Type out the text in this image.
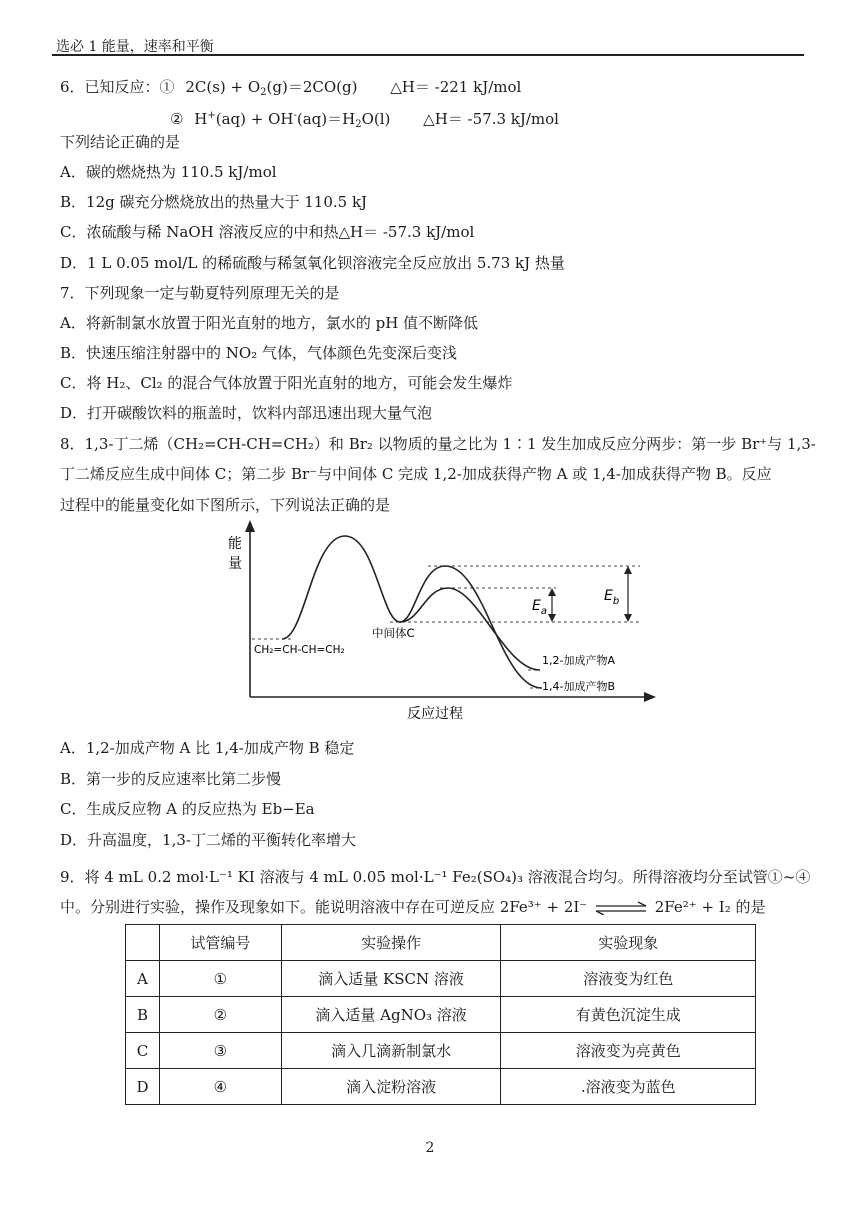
选必 1 能量，速率和平衡
6．已知反应：① $2C(s) + O_2(g)=2CO(g)$ △H＝ -221 kJ/mol
② $H^+(aq) + OH^-(aq)=H_2O(l)$ △H＝ -57.3 kJ/mol
下列结论正确的是
A．碳的燃烧热为 110.5 kJ/mol
B．12g 碳充分燃烧放出的热量大于 110.5 kJ
C．浓硫酸与稀 NaOH 溶液反应的中和热△H＝ -57.3 kJ/mol
D．1 L 0.05 mol/L 的稀硫酸与稀氢氧化钡溶液完全反应放出 5.73 kJ 热量
7．下列现象一定与勒夏特列原理无关的是
A．将新制氯水放置于阳光直射的地方，氯水的 pH 值不断降低
B．快速压缩注射器中的 NO₂ 气体，气体颜色先变深后变浅
C．将 H₂、Cl₂ 的混合气体放置于阳光直射的地方，可能会发生爆炸
D．打开碳酸饮料的瓶盖时，饮料内部迅速出现大量气泡
8．1,3-丁二烯（CH₂=CH-CH=CH₂）和 Br₂ 以物质的量之比为 1∶1 发生加成反应分两步：第一步 Br⁺与 1,3-
丁二烯反应生成中间体 C；第二步 Br⁻与中间体 C 完成 1,2-加成获得产物 A 或 1,4-加成获得产物 B。反应
过程中的能量变化如下图所示，下列说法正确的是
能
量
反应过程
CH₂=CH-CH=CH₂
中间体C
1,2-加成产物A
1,4-加成产物B
$E_a$
$E_b$
A．1,2-加成产物 A 比 1,4-加成产物 B 稳定
B．第一步的反应速率比第二步慢
C．生成反应物 A 的反应热为 Eb−Ea
D．升高温度，1,3-丁二烯的平衡转化率增大
9．将 4 mL 0.2 mol·L⁻¹ KI 溶液与 4 mL 0.05 mol·L⁻¹ Fe₂(SO₄)₃ 溶液混合均匀。所得溶液均分至试管①~④
中。分别进行实验，操作及现象如下。能说明溶液中存在可逆反应 2Fe³⁺ + 2I⁻ ⇌ 2Fe²⁺ + I₂ 的是
	试管编号	实验操作	实验现象
A	①	滴入适量 KSCN 溶液	溶液变为红色
B	②	滴入适量 AgNO₃ 溶液	有黄色沉淀生成
C	③	滴入几滴新制氯水	溶液变为亮黄色
D	④	滴入淀粉溶液	.溶液变为蓝色
2
